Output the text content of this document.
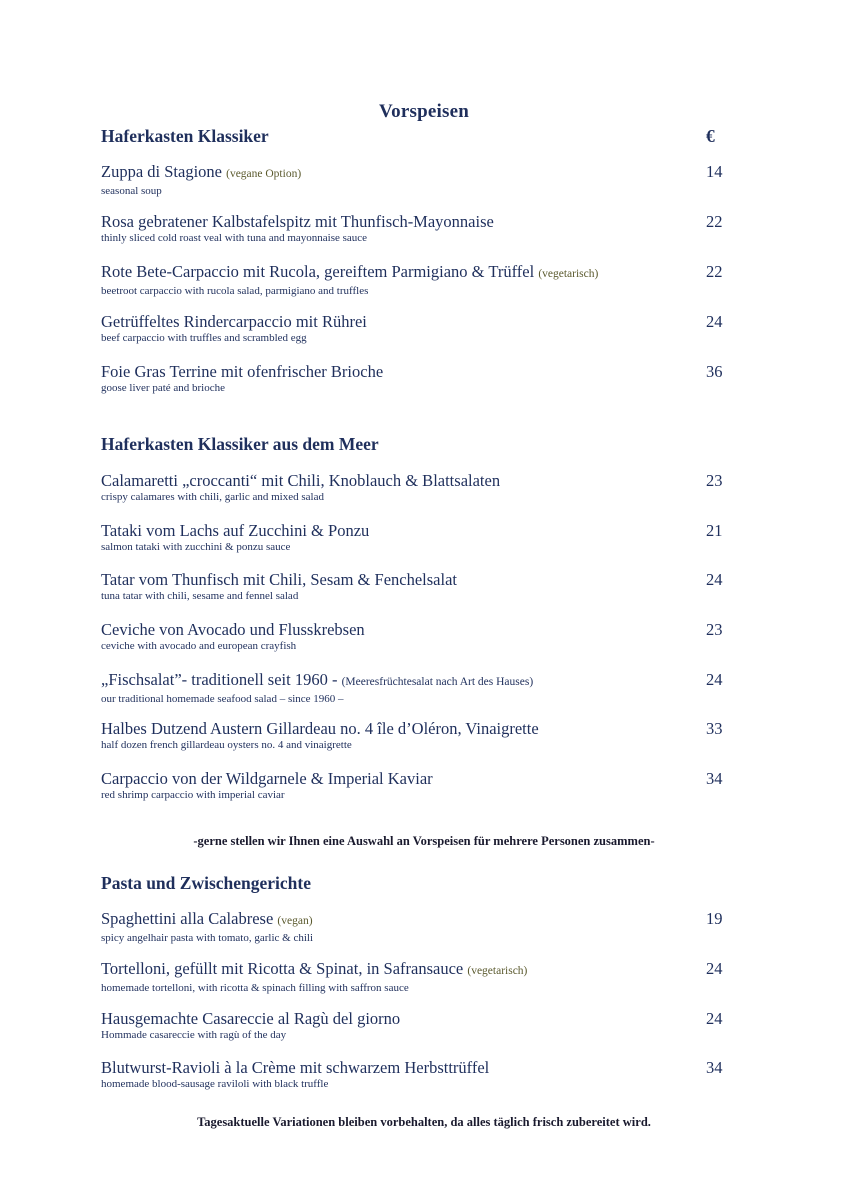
Vorspeisen
Haferkasten Klassiker	€
Zuppa di Stagione (vegane Option)
seasonal soup
14
Rosa gebratener Kalbstafelspitz mit Thunfisch-Mayonnaise
thinly sliced cold roast veal with tuna and mayonnaise sauce
22
Rote Bete-Carpaccio mit Rucola, gereiftem Parmigiano & Trüffel (vegetarisch)
beetroot carpaccio with rucola salad, parmigiano and truffles
22
Getrüffeltes Rindercarpaccio mit Rührei
beef carpaccio with truffles and scrambled egg
24
Foie Gras Terrine mit ofenfrischer Brioche
goose liver paté and brioche
36
Haferkasten Klassiker aus dem Meer
Calamaretti „croccanti“ mit Chili, Knoblauch & Blattsalaten
crispy calamares with chili, garlic and mixed salad
23
Tataki vom Lachs auf Zucchini & Ponzu
salmon tataki with zucchini & ponzu sauce
21
Tatar vom Thunfisch mit Chili, Sesam & Fenchelsalat
tuna tatar with chili, sesame and fennel salad
24
Ceviche von Avocado und Flusskrebsen
ceviche with avocado and european crayfish
23
„Fischsalat”- traditionell seit 1960 - (Meeresfrüchtesalat nach Art des Hauses)
our traditional homemade seafood salad – since 1960 –
24
Halbes Dutzend Austern Gillardeau no. 4 île d’Oléron, Vinaigrette
half dozen french gillardeau oysters no. 4 and vinaigrette
33
Carpaccio von der Wildgarnele & Imperial Kaviar
red shrimp carpaccio with imperial caviar
34
-gerne stellen wir Ihnen eine Auswahl an Vorspeisen für mehrere Personen zusammen-
Pasta und Zwischengerichte
Spaghettini alla Calabrese (vegan)
spicy angelhair pasta with tomato, garlic & chili
19
Tortelloni, gefüllt mit Ricotta & Spinat, in Safransauce (vegetarisch)
homemade tortelloni, with ricotta & spinach filling with saffron sauce
24
Hausgemachte Casareccie al Ragù del giorno
Hommade casareccie with ragù of the day
24
Blutwurst-Ravioli à la Crème mit schwarzem Herbsttrüffel
homemade blood-sausage raviloli with black truffle
34
Tagesaktuelle Variationen bleiben vorbehalten, da alles täglich frisch zubereitet wird.
